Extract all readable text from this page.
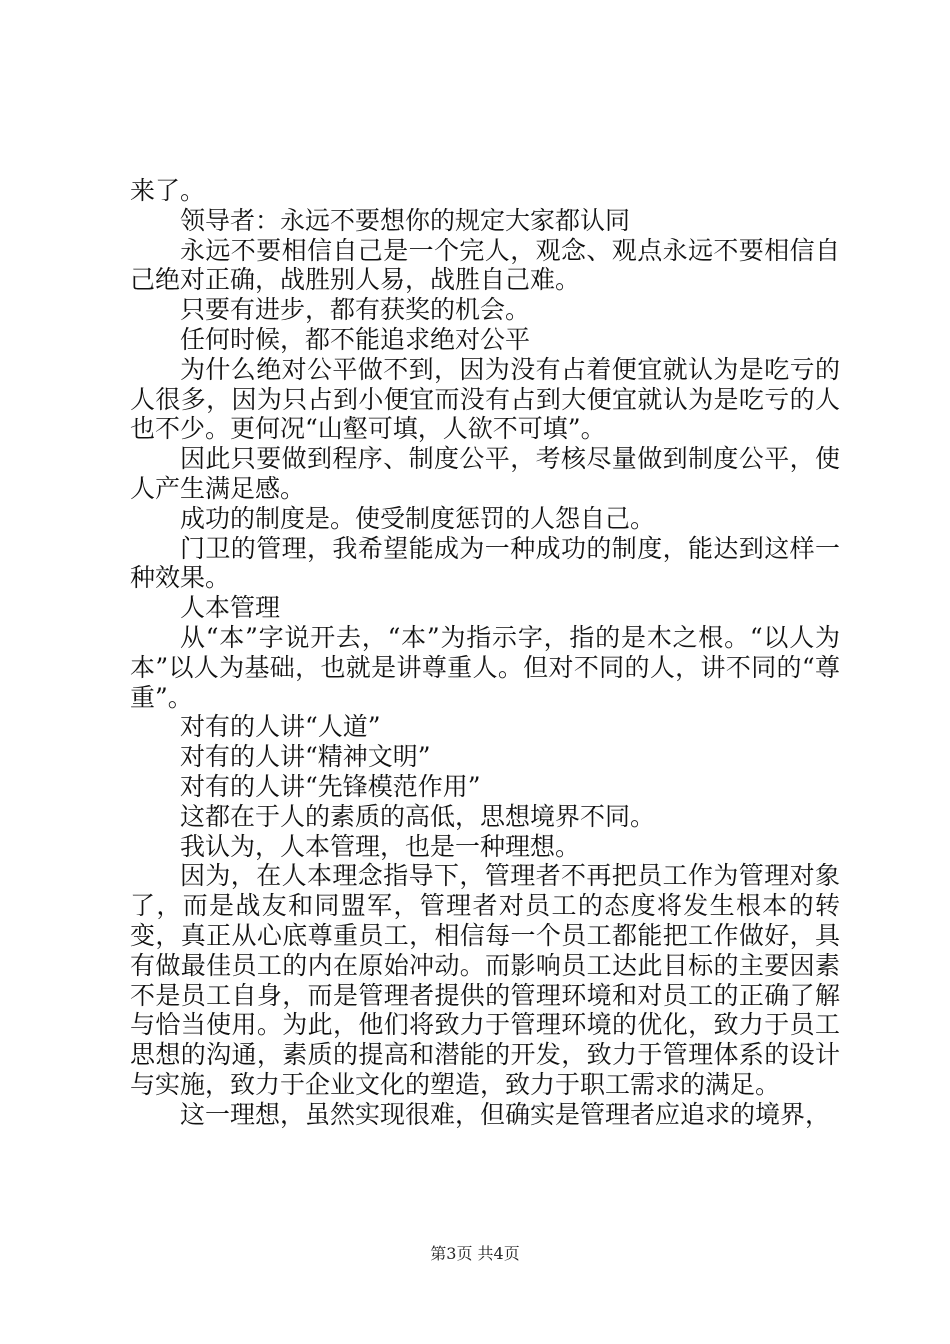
来了。

领导者：永远不要想你的规定大家都认同

永远不要相信自己是一个完人，观念、观点永远不要相信自己绝对正确，战胜别人易，战胜自己难。

只要有进步，都有获奖的机会。

任何时候，都不能追求绝对公平

为什么绝对公平做不到，因为没有占着便宜就认为是吃亏的人很多，因为只占到小便宜而没有占到大便宜就认为是吃亏的人也不少。更何况“山壑可填，人欲不可填”。

因此只要做到程序、制度公平，考核尽量做到制度公平，使人产生满足感。

成功的制度是。使受制度惩罚的人怨自己。

门卫的管理，我希望能成为一种成功的制度，能达到这样一种效果。

人本管理

从“本”字说开去，“本”为指示字，指的是木之根。“以人为本”以人为基础，也就是讲尊重人。但对不同的人，讲不同的“尊重”。

对有的人讲“人道”

对有的人讲“精神文明”

对有的人讲“先锋模范作用”

这都在于人的素质的高低，思想境界不同。

我认为，人本管理，也是一种理想。

因为，在人本理念指导下，管理者不再把员工作为管理对象了，而是战友和同盟军，管理者对员工的态度将发生根本的转变，真正从心底尊重员工，相信每一个员工都能把工作做好，具有做最佳员工的内在原始冲动。而影响员工达此目标的主要因素不是员工自身，而是管理者提供的管理环境和对员工的正确了解与恰当使用。为此，他们将致力于管理环境的优化，致力于员工思想的沟通，素质的提高和潜能的开发，致力于管理体系的设计与实施，致力于企业文化的塑造，致力于职工需求的满足。

这一理想，虽然实现很难，但确实是管理者应追求的境界，

第3页 共4页
